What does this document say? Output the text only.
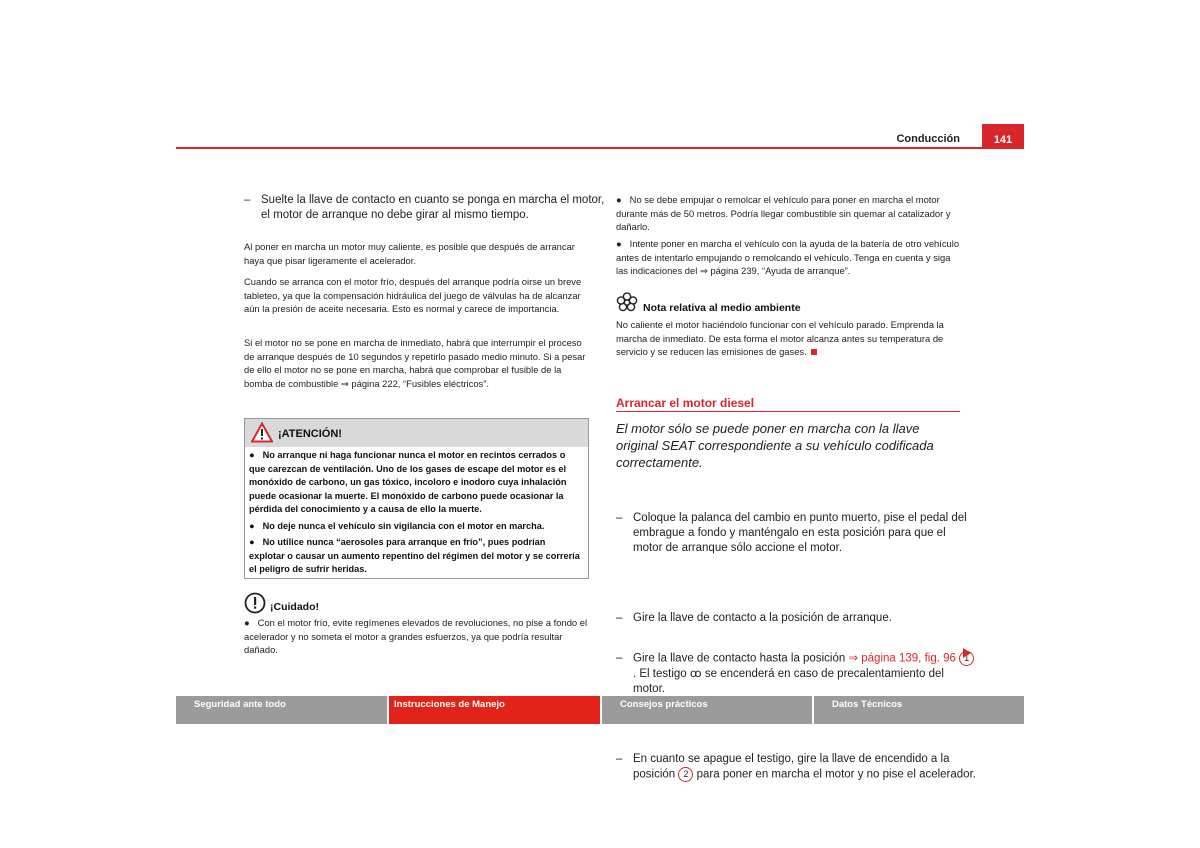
Conducción	141
– Suelte la llave de contacto en cuanto se ponga en marcha el motor, el motor de arranque no debe girar al mismo tiempo.

Al poner en marcha un motor muy caliente, es posible que después de arrancar haya que pisar ligeramente el acelerador.

Cuando se arranca con el motor frío, después del arranque podría oirse un breve tableteo, ya que la compensación hidráulica del juego de válvulas ha de alcanzar aún la presión de aceite necesaria. Esto es normal y carece de importancia.

Si el motor no se pone en marcha de inmediato, habrá que interrumpir el proceso de arranque después de 10 segundos y repetirlo pasado medio minuto. Si a pesar de ello el motor no se pone en marcha, habrá que comprobar el fusible de la bomba de combustible ⇒ página 222, “Fusibles eléctricos”.

¡ATENCIÓN!

● No arranque ni haga funcionar nunca el motor en recintos cerrados o que carezcan de ventilación. Uno de los gases de escape del motor es el monóxido de carbono, un gas tóxico, incoloro e inodoro cuya inhalación puede ocasionar la muerte. El monóxido de carbono puede ocasionar la pérdida del conocimiento y a causa de ello la muerte.

● No deje nunca el vehículo sin vigilancia con el motor en marcha.

● No utilice nunca “aerosoles para arranque en frío”, pues podrían explotar o causar un aumento repentino del régimen del motor y se correría el peligro de sufrir heridas.

¡Cuidado!

● Con el motor frío, evite regímenes elevados de revoluciones, no pise a fondo el acelerador y no someta el motor a grandes esfuerzos, ya que podría resultar dañado.

● No se debe empujar o remolcar el vehículo para poner en marcha el motor durante más de 50 metros. Podría llegar combustible sin quemar al catalizador y dañarlo.

● Intente poner en marcha el vehículo con la ayuda de la batería de otro vehículo antes de intentarlo empujando o remolcando el vehículo. Tenga en cuenta y siga las indicaciones del ⇒ página 239, “Ayuda de arranque”.

Nota relativa al medio ambiente

No caliente el motor haciéndolo funcionar con el vehículo parado. Emprenda la marcha de inmediato. De esta forma el motor alcanza antes su temperatura de servicio y se reducen las emisiones de gases.

Arrancar el motor diesel

El motor sólo se puede poner en marcha con la llave original SEAT correspondiente a su vehículo codificada correctamente.

– Coloque la palanca del cambio en punto muerto, pise el pedal del embrague a fondo y manténgalo en esta posición para que el motor de arranque sólo accione el motor.
– Gire la llave de contacto a la posición de arranque.
– Gire la llave de contacto hasta la posición ⇒ página 139, fig. 96 1. El testigo ꝏ se encenderá en caso de precalentamiento del motor.
– En cuanto se apague el testigo, gire la llave de encendido a la posición 2 para poner en marcha el motor y no pise el acelerador.
Seguridad ante todo	Instrucciones de Manejo	Consejos prácticos	Datos Técnicos
